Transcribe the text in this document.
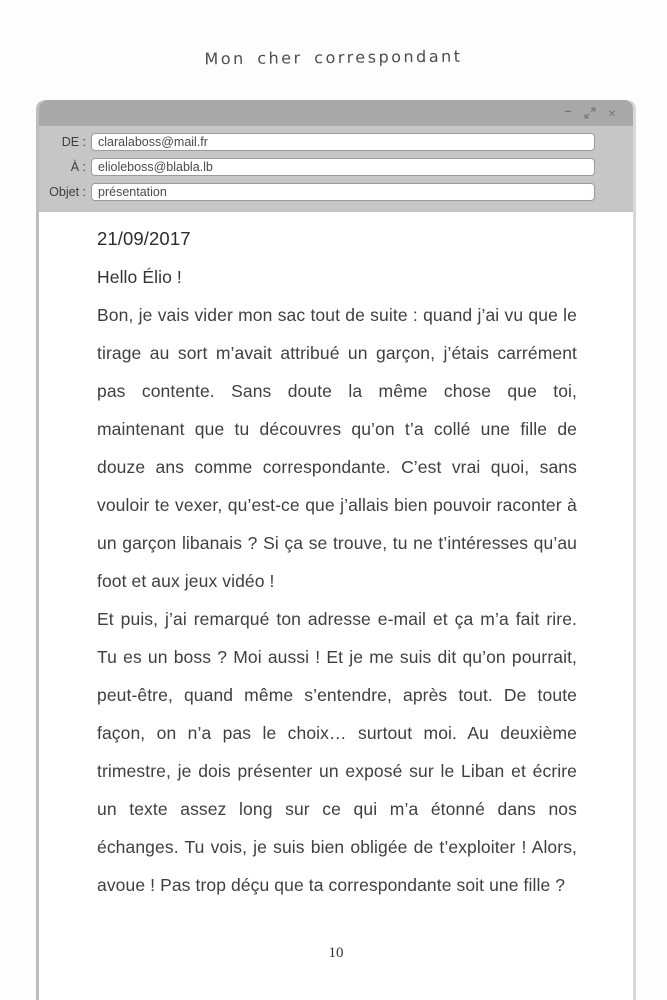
Mon cher correspondant
–	×
DE :
claralaboss@mail.fr
À :
elioleboss@blabla.lb
Objet :
présentation
21/09/2017
Hello Élio !
Bon, je vais vider mon sac tout de suite : quand j’ai vu que le tirage au sort m’avait attribué un garçon, j’étais carrément pas contente. Sans doute la même chose que toi, maintenant que tu découvres qu’on t’a collé une fille de douze ans comme correspondante. C’est vrai quoi, sans vouloir te vexer, qu’est-ce que j’allais bien pouvoir raconter à un garçon libanais ? Si ça se trouve, tu ne t’intéresses qu’au foot et aux jeux vidéo !
Et puis, j’ai remarqué ton adresse e-mail et ça m’a fait rire. Tu es un boss ? Moi aussi ! Et je me suis dit qu’on pourrait, peut-être, quand même s’entendre, après tout. De toute façon, on n’a pas le choix… surtout moi. Au deuxième trimestre, je dois présenter un exposé sur le Liban et écrire un texte assez long sur ce qui m’a étonné dans nos échanges. Tu vois, je suis bien obligée de t’exploiter ! Alors, avoue ! Pas trop déçu que ta correspondante soit une fille ?
10
